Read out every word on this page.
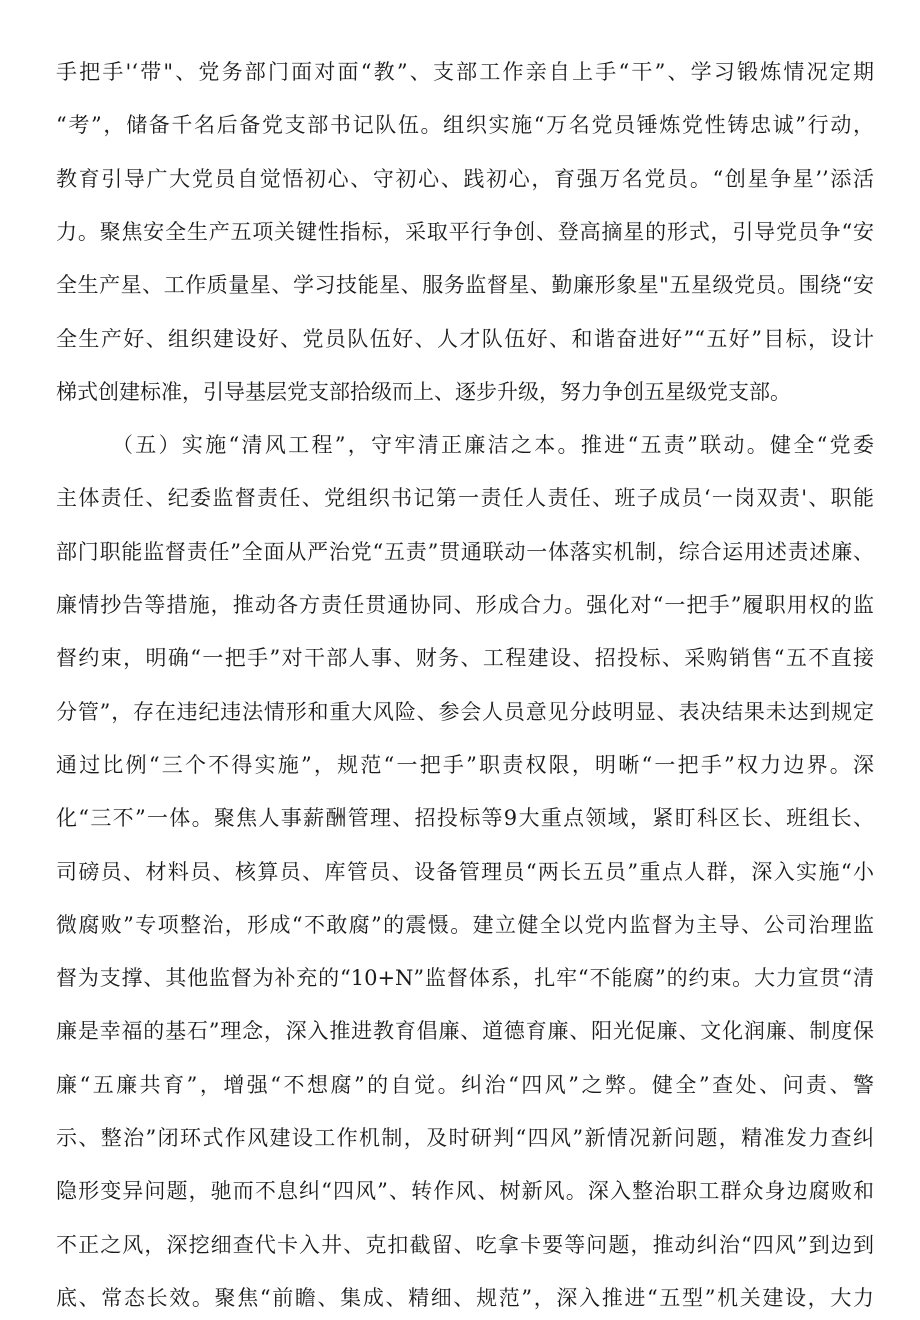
手把手'‘带"、党务部门面对面“教”、支部工作亲自上手“干”、学习锻炼情况定期
“考”，储备千名后备党支部书记队伍。组织实施“万名党员锤炼党性铸忠诚”行动，
教育引导广大党员自觉悟初心、守初心、践初心，育强万名党员。“创星争星’’添活
力。聚焦安全生产五项关键性指标，采取平行争创、登高摘星的形式，引导党员争“安
全生产星、工作质量星、学习技能星、服务监督星、勤廉形象星"五星级党员。围绕“安
全生产好、组织建设好、党员队伍好、人才队伍好、和谐奋进好”“五好”目标，设计
梯式创建标准，引导基层党支部拾级而上、逐步升级，努力争创五星级党支部。
（五）实施“清风工程”，守牢清正廉洁之本。推进“五责”联动。健全“党委
主体责任、纪委监督责任、党组织书记第一责任人责任、班子成员‘一岗双责'、职能
部门职能监督责任”全面从严治党“五责”贯通联动一体落实机制，综合运用述责述廉、
廉情抄告等措施，推动各方责任贯通协同、形成合力。强化对“一把手”履职用权的监
督约束，明确“一把手”对干部人事、财务、工程建设、招投标、采购销售“五不直接
分管”，存在违纪违法情形和重大风险、参会人员意见分歧明显、表决结果未达到规定
通过比例“三个不得实施”，规范“一把手”职责权限，明晰“一把手”权力边界。深
化“三不”一体。聚焦人事薪酬管理、招投标等9大重点领域，紧盯科区长、班组长、
司磅员、材料员、核算员、库管员、设备管理员“两长五员”重点人群，深入实施“小
微腐败”专项整治，形成“不敢腐”的震慑。建立健全以党内监督为主导、公司治理监
督为支撑、其他监督为补充的“10+N”监督体系，扎牢“不能腐”的约束。大力宣贯“清
廉是幸福的基石”理念，深入推进教育倡廉、道德育廉、阳光促廉、文化润廉、制度保
廉“五廉共育”，增强“不想腐”的自觉。纠治“四风”之弊。健全”查处、问责、警
示、整治”闭环式作风建设工作机制，及时研判“四风”新情况新问题，精准发力查纠
隐形变异问题，驰而不息纠“四风”、转作风、树新风。深入整治职工群众身边腐败和
不正之风，深挖细查代卡入井、克扣截留、吃拿卡要等问题，推动纠治“四风”到边到
底、常态长效。聚焦“前瞻、集成、精细、规范”，深入推进“五型”机关建设，大力
